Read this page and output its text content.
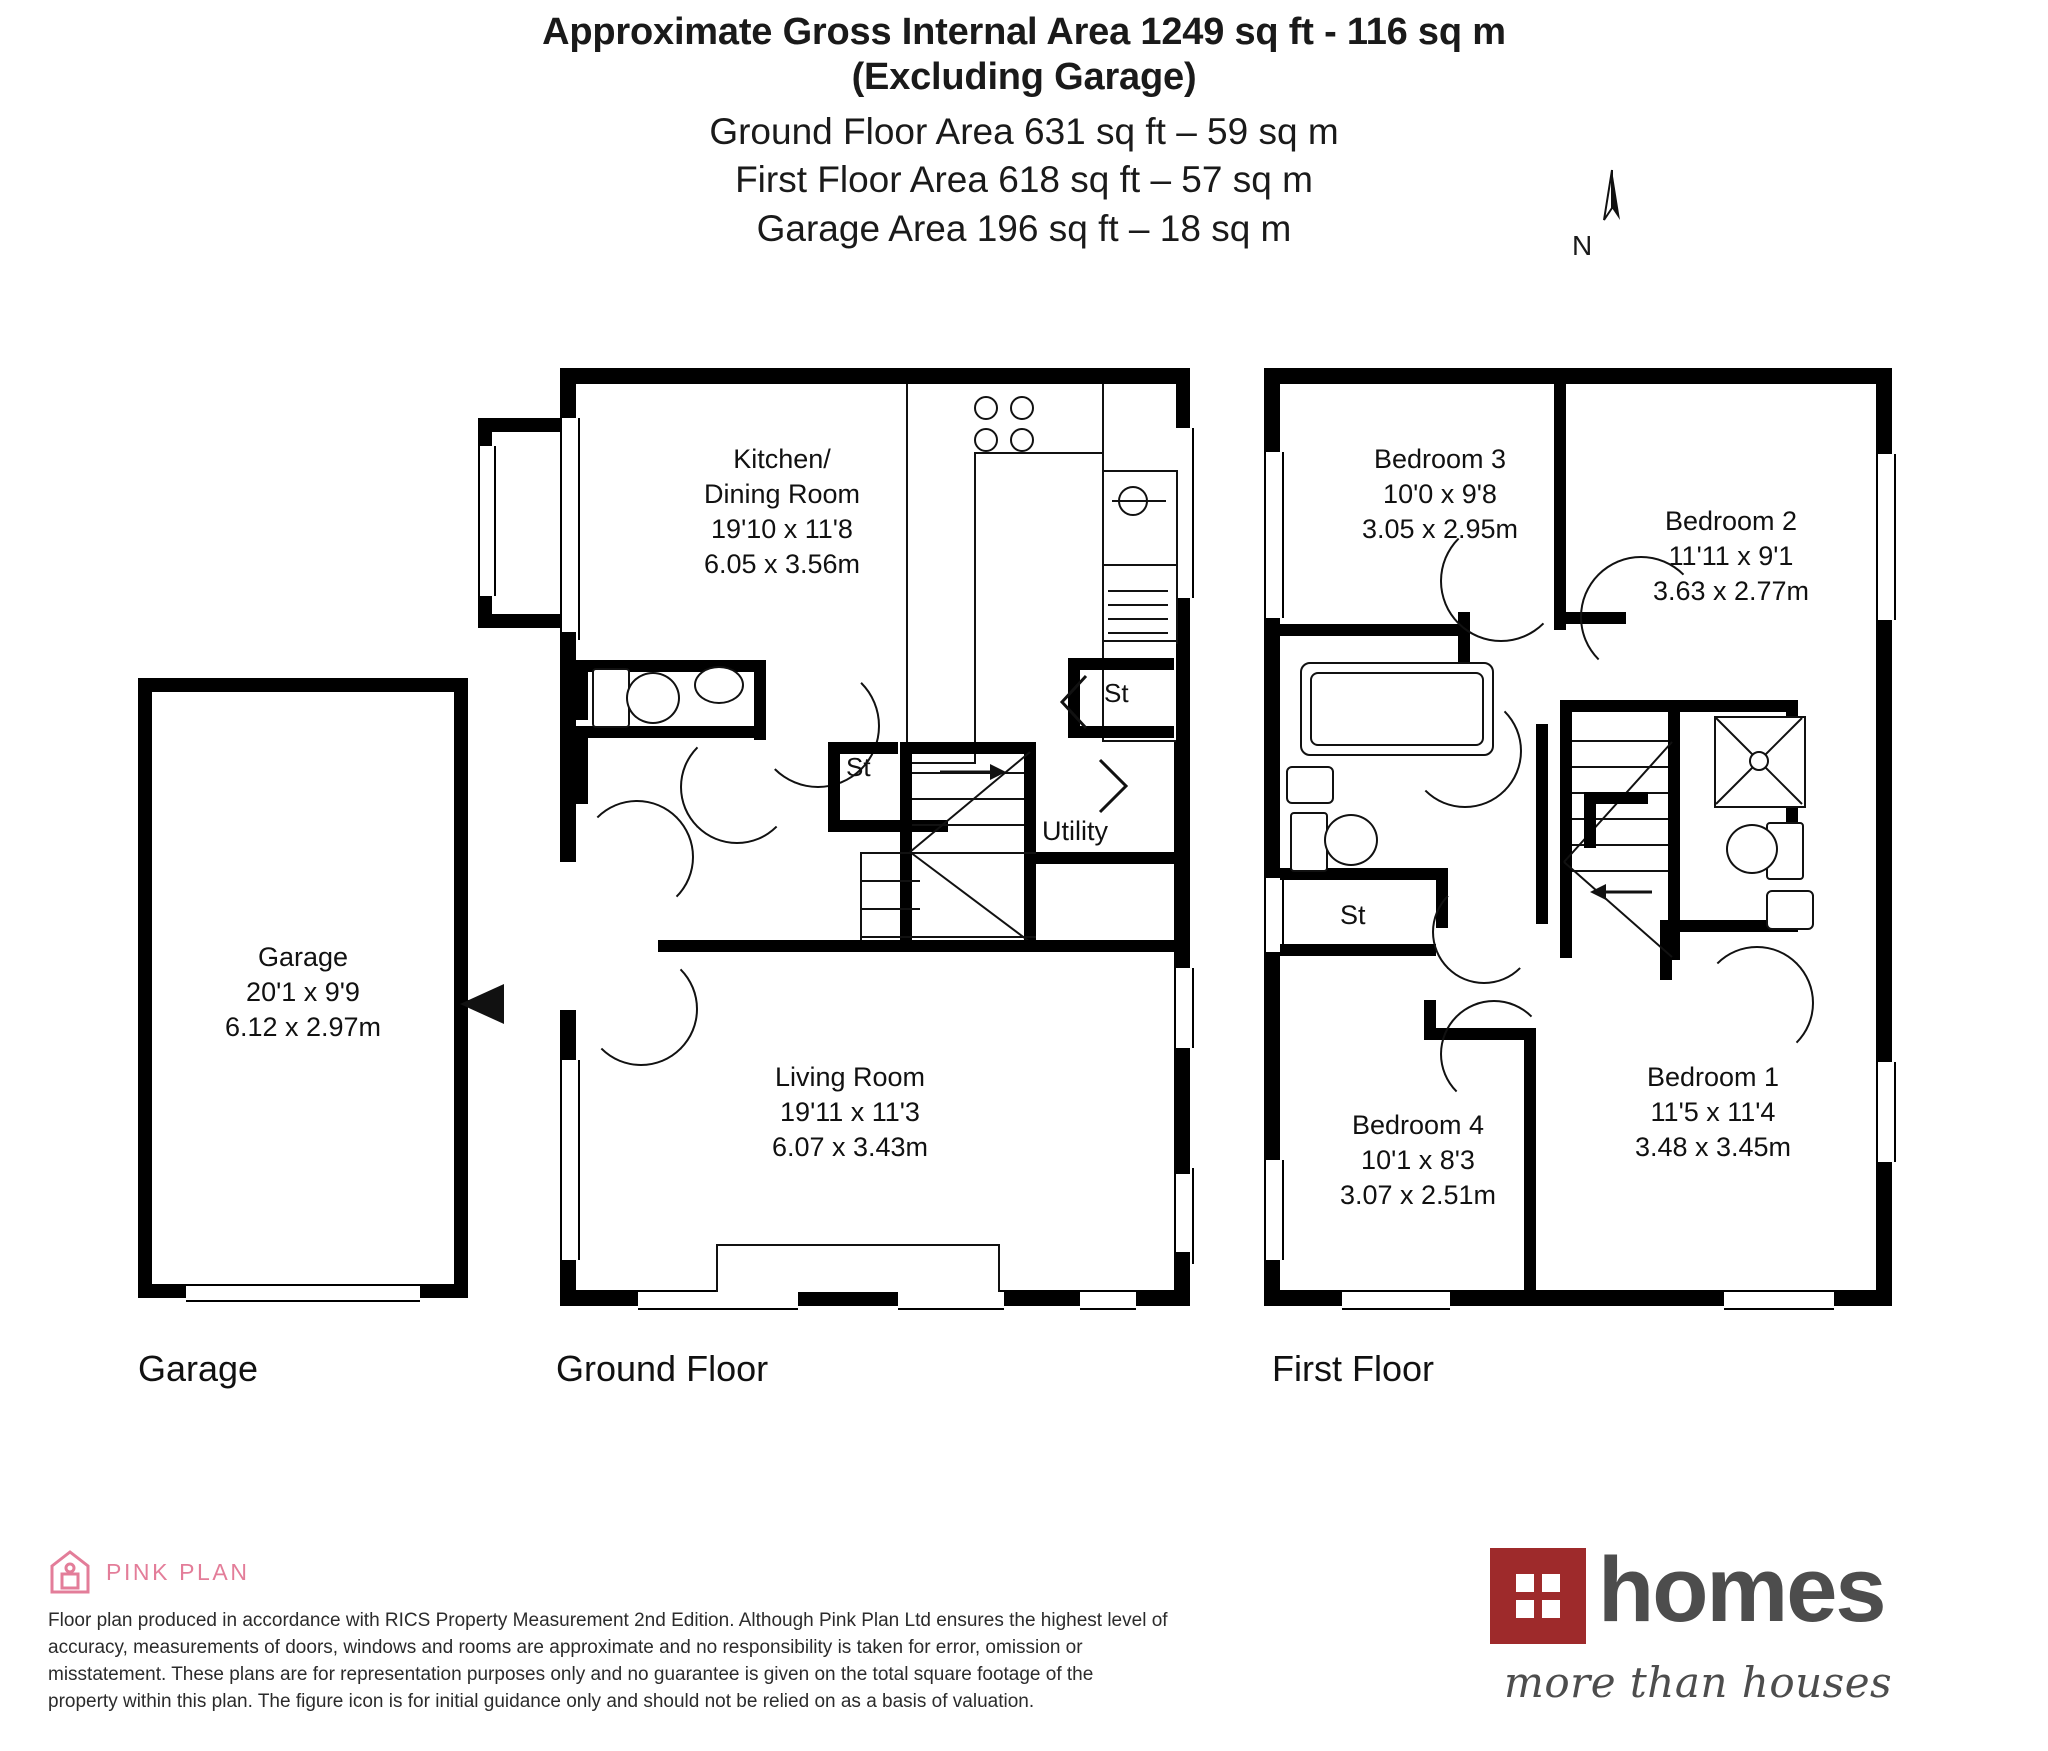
Approximate Gross Internal Area 1249 sq ft - 116 sq m
(Excluding Garage)
Ground Floor Area 631 sq ft – 59 sq m
First Floor Area 618 sq ft – 57 sq m
Garage Area 196 sq ft – 18 sq m	N
Garage
20'1 x 9'9
6.12 x 2.97m
St
St
Kitchen/
Dining Room
19'10 x 11'8
6.05 x 3.56m
Living Room
19'11 x 11'3
6.07 x 3.43m
Utility
Bedroom 3
10'0 x 9'8
3.05 x 2.95m	Bedroom 2
11'11 x 9'1
3.63 x 2.77m
Bedroom 1
11'5 x 11'4
3.48 x 3.45m
Bedroom 4
10'1 x 8'3
3.07 x 2.51m
St
Garage	Ground Floor	First Floor
PINK PLAN
Floor plan produced in accordance with RICS Property Measurement 2nd Edition. Although Pink Plan Ltd ensures the highest level of accuracy, measurements of doors, windows and rooms are approximate and no responsibility is taken for error, omission or misstatement. These plans are for representation purposes only and no guarantee is given on the total square footage of the property within this plan. The figure icon is for initial guidance only and should not be relied on as a basis of valuation.
homes
more than houses
